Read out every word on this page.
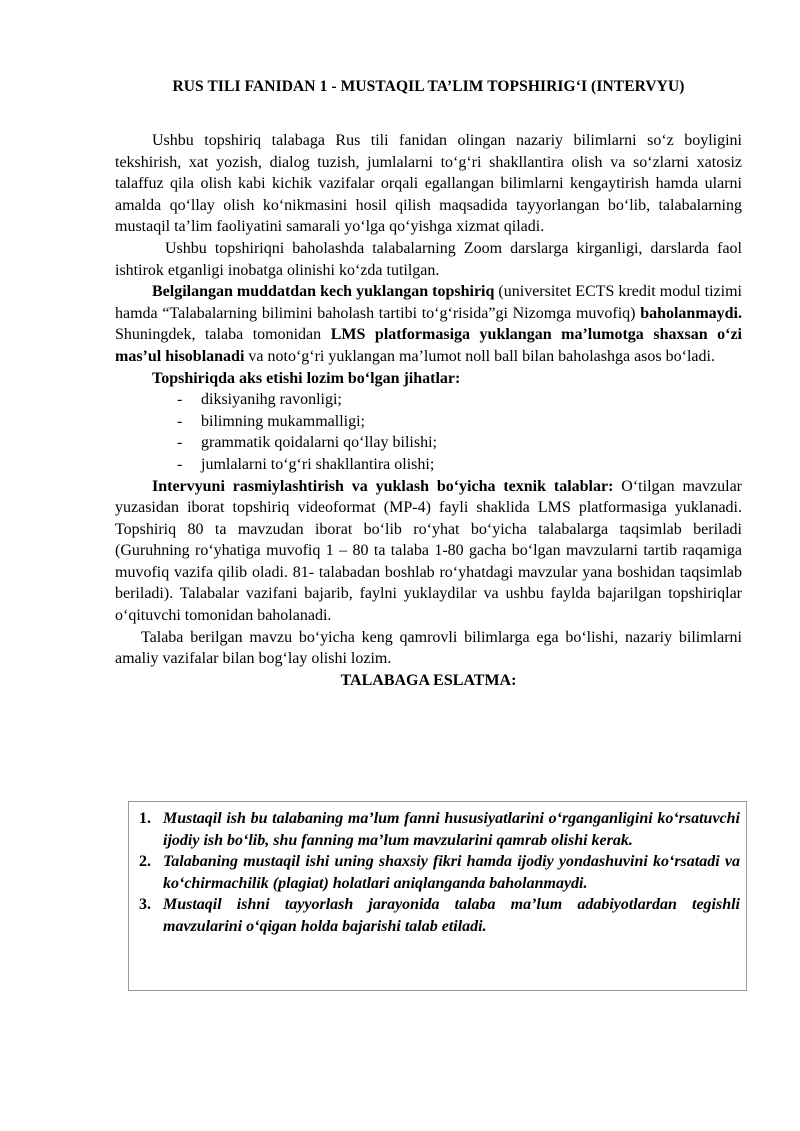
RUS TILI FANIDAN 1 - MUSTAQIL TA’LIM TOPSHIRIG‘I (INTERVYU)

Ushbu topshiriq talabaga Rus tili fanidan olingan nazariy bilimlarni so‘z boyligini tekshirish, xat yozish, dialog tuzish, jumlalarni to‘g‘ri shakllantira olish va so‘zlarni xatosiz talaffuz qila olish kabi kichik vazifalar orqali egallangan bilimlarni kengaytirish hamda ularni amalda qo‘llay olish ko‘nikmasini hosil qilish maqsadida tayyorlangan bo‘lib, talabalarning mustaqil ta’lim faoliyatini samarali yo‘lga qo‘yishga xizmat qiladi.

Ushbu topshiriqni baholashda talabalarning Zoom darslarga kirganligi, darslarda faol ishtirok etganligi inobatga olinishi ko‘zda tutilgan.

Belgilangan muddatdan kech yuklangan topshiriq (universitet ECTS kredit modul tizimi hamda “Talabalarning bilimini baholash tartibi to‘g‘risida”gi Nizomga muvofiq) baholanmaydi. Shuningdek, talaba tomonidan LMS platformasiga yuklangan ma’lumotga shaxsan o‘zi mas’ul hisoblanadi va noto‘g‘ri yuklangan ma’lumot noll ball bilan baholashga asos bo‘ladi.

Topshiriqda aks etishi lozim bo‘lgan jihatlar:

- diksiyanihg ravonligi;
- bilimning mukammalligi;
- grammatik qoidalarni qo‘llay bilishi;
- jumlalarni to‘g‘ri shakllantira olishi;

Intervyuni rasmiylashtirish va yuklash bo‘yicha texnik talablar: O‘tilgan mavzular yuzasidan iborat topshiriq videoformat (MP-4) fayli shaklida LMS platformasiga yuklanadi. Topshiriq 80 ta mavzudan iborat bo‘lib ro‘yhat bo‘yicha talabalarga taqsimlab beriladi (Guruhning ro‘yhatiga muvofiq 1 – 80 ta talaba 1-80 gacha bo‘lgan mavzularni tartib raqamiga muvofiq vazifa qilib oladi. 81- talabadan boshlab ro‘yhatdagi mavzular yana boshidan taqsimlab beriladi). Talabalar vazifani bajarib, faylni yuklaydilar va ushbu faylda bajarilgan topshiriqlar o‘qituvchi tomonidan baholanadi.

Talaba berilgan mavzu bo‘yicha keng qamrovli bilimlarga ega bo‘lishi, nazariy bilimlarni amaliy vazifalar bilan bog‘lay olishi lozim.

TALABAGA ESLATMA:
1. Mustaqil ish bu talabaning ma’lum fanni hususiyatlarini o‘rganganligini ko‘rsatuvchi ijodiy ish bo‘lib, shu fanning ma’lum mavzularini qamrab olishi kerak.
2. Talabaning mustaqil ishi uning shaxsiy fikri hamda ijodiy yondashuvini ko‘rsatadi va ko‘chirmachilik (plagiat) holatlari aniqlanganda baholanmaydi.
3. Mustaqil ishni tayyorlash jarayonida talaba ma’lum adabiyotlardan tegishli mavzularini o‘qigan holda bajarishi talab etiladi.
